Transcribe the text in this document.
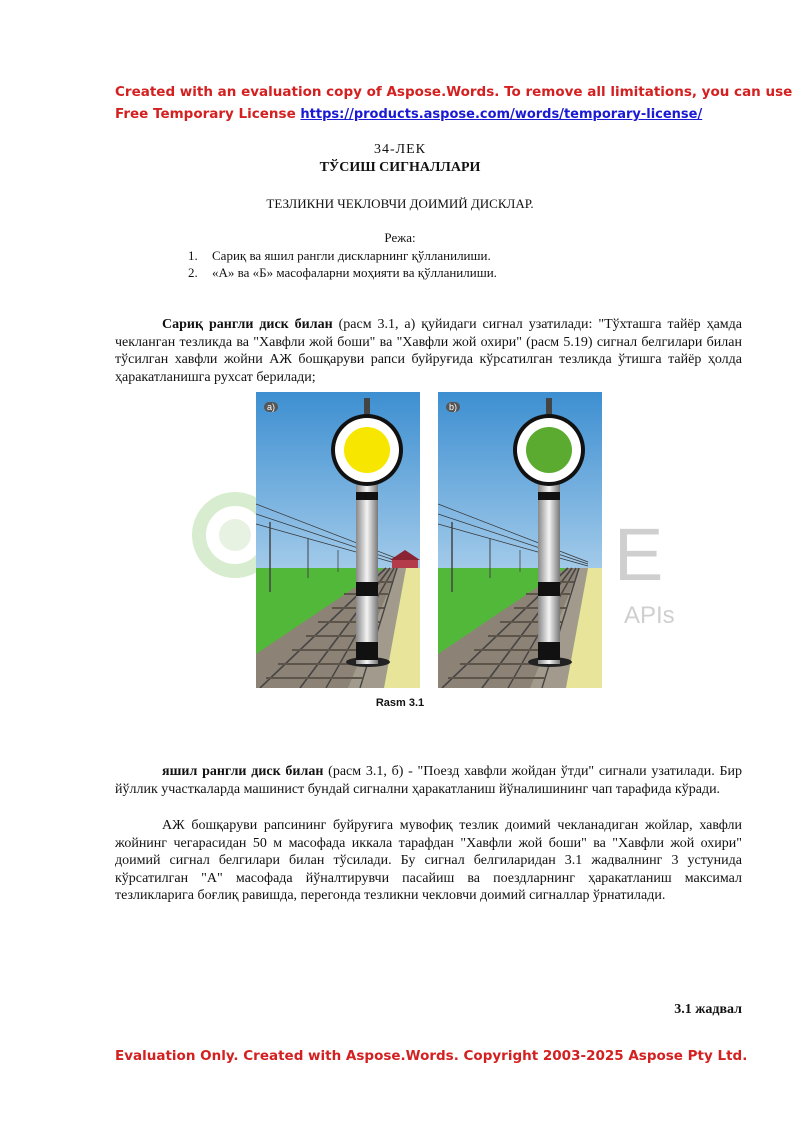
Created with an evaluation copy of Aspose.Words. To remove all limitations, you can use
Free Temporary License https://products.aspose.com/words/temporary-license/
34-ЛЕК
ТЎСИШ СИГНАЛЛАРИ
ТЕЗЛИКНИ ЧЕКЛОВЧИ ДОИМИЙ ДИСКЛАР.
Режа:
1. Сариқ ва яшил рангли дискларнинг қўлланилиши.
2. «А» ва «Б» масофаларни моҳияти ва қўлланилиши.

Сариқ рангли диск билан (расм 3.1, а) қуйидаги сигнал узатилади: "Тўхташга тайёр ҳамда чекланган тезликда ва "Хавфли жой боши" ва "Хавфли жой охири" (расм 5.19) сигнал белгилари билан тўсилган хавфли жойни АЖ бошқаруви рапси буйруғида кўрсатилган тезликда ўтишга тайёр ҳолда ҳаракатланишга рухсат берилади;

E
APIs
a)	b)
Rasm 3.1

яшил рангли диск билан (расм 3.1, б) - "Поезд хавфли жойдан ўтди" сигнали узатилади. Бир йўллик участкаларда машинист бундай сигнални ҳаракатланиш йўналишининг чап тарафида кўради.

АЖ бошқаруви рапсининг буйруғига мувофиқ тезлик доимий чекланадиган жойлар, хавфли жойнинг чегарасидан 50 м масофада иккала тарафдан "Хавфли жой боши" ва "Хавфли жой охири" доимий сигнал белгилари билан тўсилади. Бу сигнал белгиларидан 3.1 жадвалнинг 3 устунида кўрсатилган "А" масофада йўналтирувчи пасайиш ва поездларнинг ҳаракатланиш максимал тезликларига боғлиқ равишда, перегонда тезликни чекловчи доимий сигналлар ўрнатилади.

3.1 жадвал
Evaluation Only. Created with Aspose.Words. Copyright 2003-2025 Aspose Pty Ltd.
